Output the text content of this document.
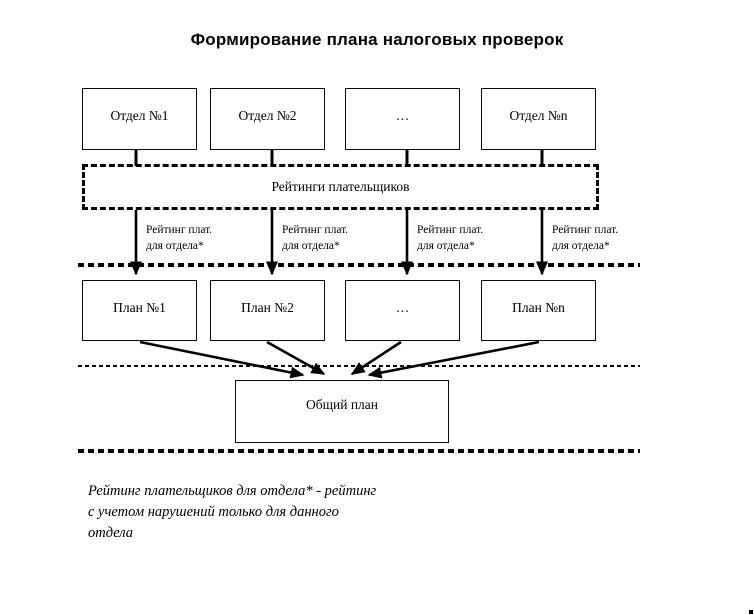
Формирование плана налоговых проверок
Отдел №1	Отдел №2	…	Отдел №n
Рейтинги плательщиков
Рейтинг плат.
для отдела*
Рейтинг плат.
для отдела*
Рейтинг плат.
для отдела*
Рейтинг плат.
для отдела*
План №1	План №2	…	План №n
Общий план
Рейтинг плательщиков для отдела* - рейтинг
с учетом нарушений только для данного
отдела
